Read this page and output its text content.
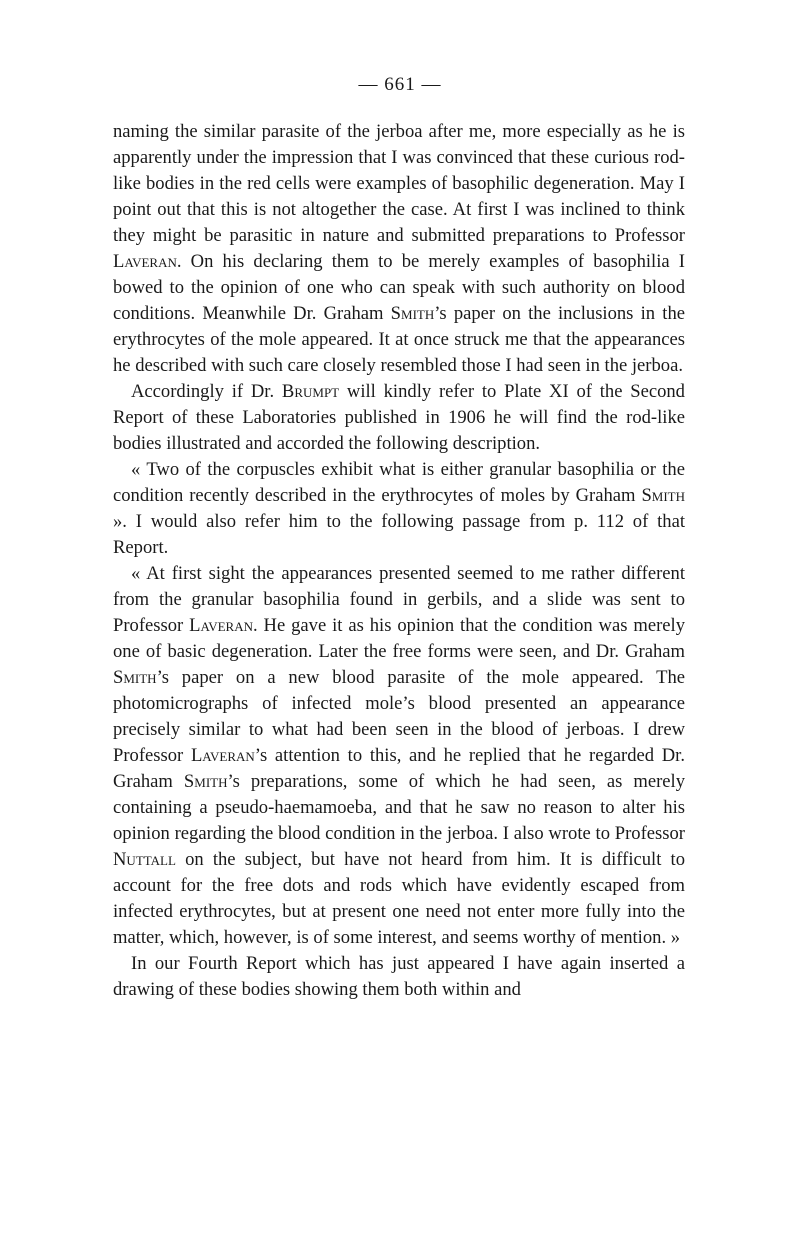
— 661 —

naming the similar parasite of the jerboa after me, more especially as he is apparently under the impression that I was convinced that these curious rod-like bodies in the red cells were examples of basophilic degeneration. May I point out that this is not altogether the case. At first I was inclined to think they might be parasitic in nature and submitted preparations to Professor Laveran. On his declaring them to be merely examples of basophilia I bowed to the opinion of one who can speak with such authority on blood conditions. Meanwhile Dr. Graham Smith’s paper on the inclusions in the erythrocytes of the mole appeared. It at once struck me that the appearances he described with such care closely resembled those I had seen in the jerboa.

Accordingly if Dr. Brumpt will kindly refer to Plate XI of the Second Report of these Laboratories published in 1906 he will find the rod-like bodies illustrated and accorded the following description.

« Two of the corpuscles exhibit what is either granular basophilia or the condition recently described in the erythrocytes of moles by Graham Smith ». I would also refer him to the following passage from p. 112 of that Report.

« At first sight the appearances presented seemed to me rather different from the granular basophilia found in gerbils, and a slide was sent to Professor Laveran. He gave it as his opinion that the condition was merely one of basic degeneration. Later the free forms were seen, and Dr. Graham Smith’s paper on a new blood parasite of the mole appeared. The photomicrographs of infected mole’s blood presented an appearance precisely similar to what had been seen in the blood of jerboas. I drew Professor Laveran’s attention to this, and he replied that he regarded Dr. Graham Smith’s preparations, some of which he had seen, as merely containing a pseudo-haemamoeba, and that he saw no reason to alter his opinion regarding the blood condition in the jerboa. I also wrote to Professor Nuttall on the subject, but have not heard from him. It is difficult to account for the free dots and rods which have evidently escaped from infected erythrocytes, but at present one need not enter more fully into the matter, which, however, is of some interest, and seems worthy of mention. »

In our Fourth Report which has just appeared I have again inserted a drawing of these bodies showing them both within and
